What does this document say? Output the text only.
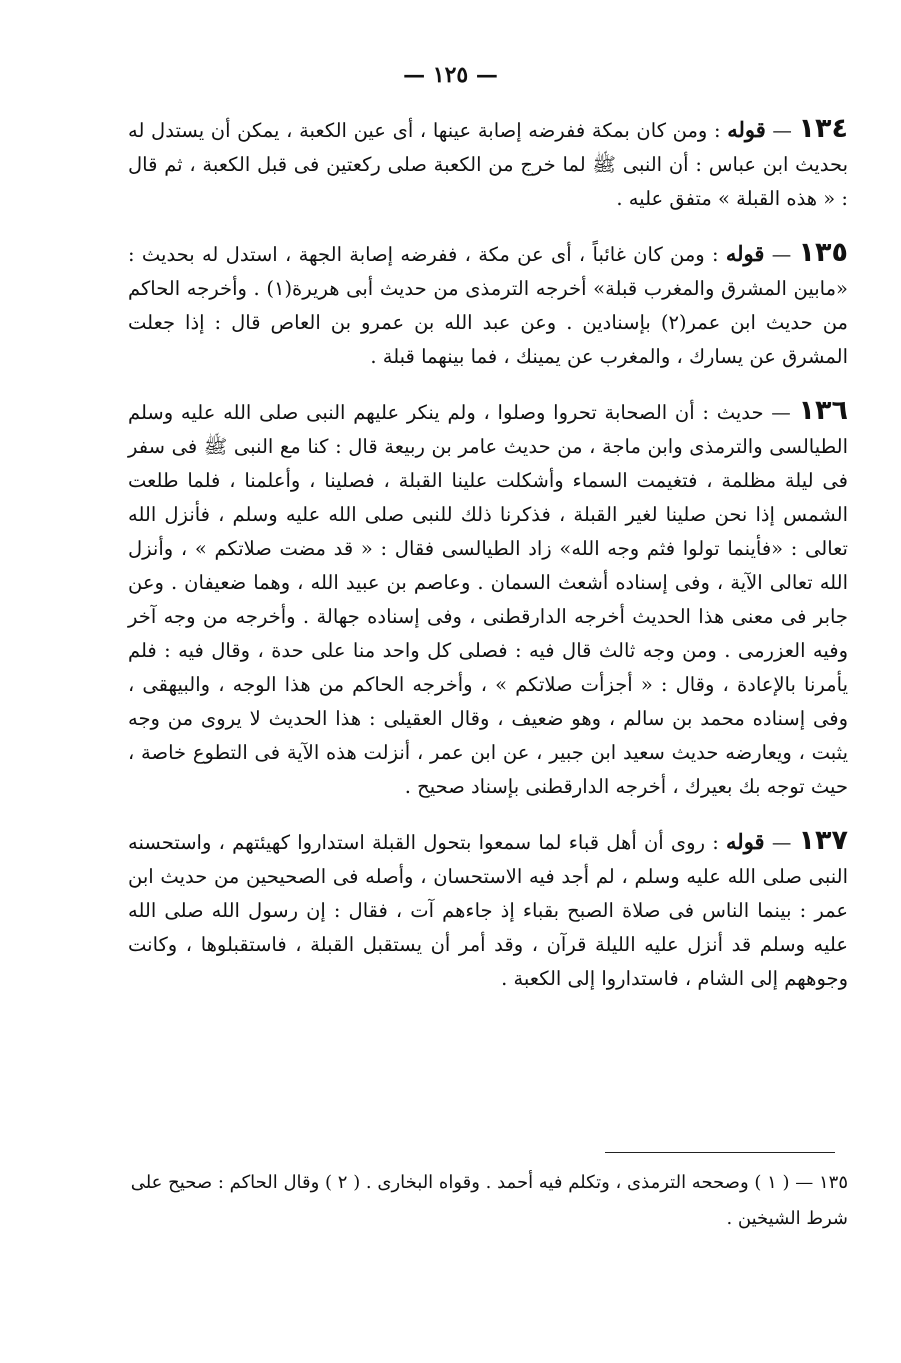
— ١٢٥ —

١٣٤ — قوله : ومن كان بمكة ففرضه إصابة عينها ، أى عين الكعبة ، يمكن أن يستدل له بحديث ابن عباس : أن النبى ﷺ لما خرج من الكعبة صلى ركعتين فى قبل الكعبة ، ثم قال : « هذه القبلة » متفق عليه .

١٣٥ — قوله : ومن كان غائباً ، أى عن مكة ، ففرضه إصابة الجهة ، استدل له بحديث : «مابين المشرق والمغرب قبلة» أخرجه الترمذى من حديث أبى هريرة(١) . وأخرجه الحاكم من حديث ابن عمر(٢) بإسنادين . وعن عبد الله بن عمرو بن العاص قال : إذا جعلت المشرق عن يسارك ، والمغرب عن يمينك ، فما بينهما قبلة .

١٣٦ — حديث : أن الصحابة تحروا وصلوا ، ولم ينكر عليهم النبى صلى الله عليه وسلم الطيالسى والترمذى وابن ماجة ، من حديث عامر بن ربيعة قال : كنا مع النبى ﷺ فى سفر فى ليلة مظلمة ، فتغيمت السماء وأشكلت علينا القبلة ، فصلينا ، وأعلمنا ، فلما طلعت الشمس إذا نحن صلينا لغير القبلة ، فذكرنا ذلك للنبى صلى الله عليه وسلم ، فأنزل الله تعالى : «فأينما تولوا فثم وجه الله» زاد الطيالسى فقال : « قد مضت صلاتكم » ، وأنزل الله تعالى الآية ، وفى إسناده أشعث السمان . وعاصم بن عبيد الله ، وهما ضعيفان . وعن جابر فى معنى هذا الحديث أخرجه الدارقطنى ، وفى إسناده جهالة . وأخرجه من وجه آخر وفيه العزرمى . ومن وجه ثالث قال فيه : فصلى كل واحد منا على حدة ، وقال فيه : فلم يأمرنا بالإعادة ، وقال : « أجزأت صلاتكم » ، وأخرجه الحاكم من هذا الوجه ، والبيهقى ، وفى إسناده محمد بن سالم ، وهو ضعيف ، وقال العقيلى : هذا الحديث لا يروى من وجه يثبت ، ويعارضه حديث سعيد ابن جبير ، عن ابن عمر ، أنزلت هذه الآية فى التطوع خاصة ، حيث توجه بك بعيرك ، أخرجه الدارقطنى بإسناد صحيح .

١٣٧ — قوله : روى أن أهل قباء لما سمعوا بتحول القبلة استداروا كهيئتهم ، واستحسنه النبى صلى الله عليه وسلم ، لم أجد فيه الاستحسان ، وأصله فى الصحيحين من حديث ابن عمر : بينما الناس فى صلاة الصبح بقباء إذ جاءهم آت ، فقال : إن رسول الله صلى الله عليه وسلم قد أنزل عليه الليلة قرآن ، وقد أمر أن يستقبل القبلة ، فاستقبلوها ، وكانت وجوههم إلى الشام ، فاستداروا إلى الكعبة .

١٣٥ — ( ١ ) وصححه الترمذى ، وتكلم فيه أحمد . وقواه البخارى . ( ٢ ) وقال الحاكم : صحيح على شرط الشيخين .
